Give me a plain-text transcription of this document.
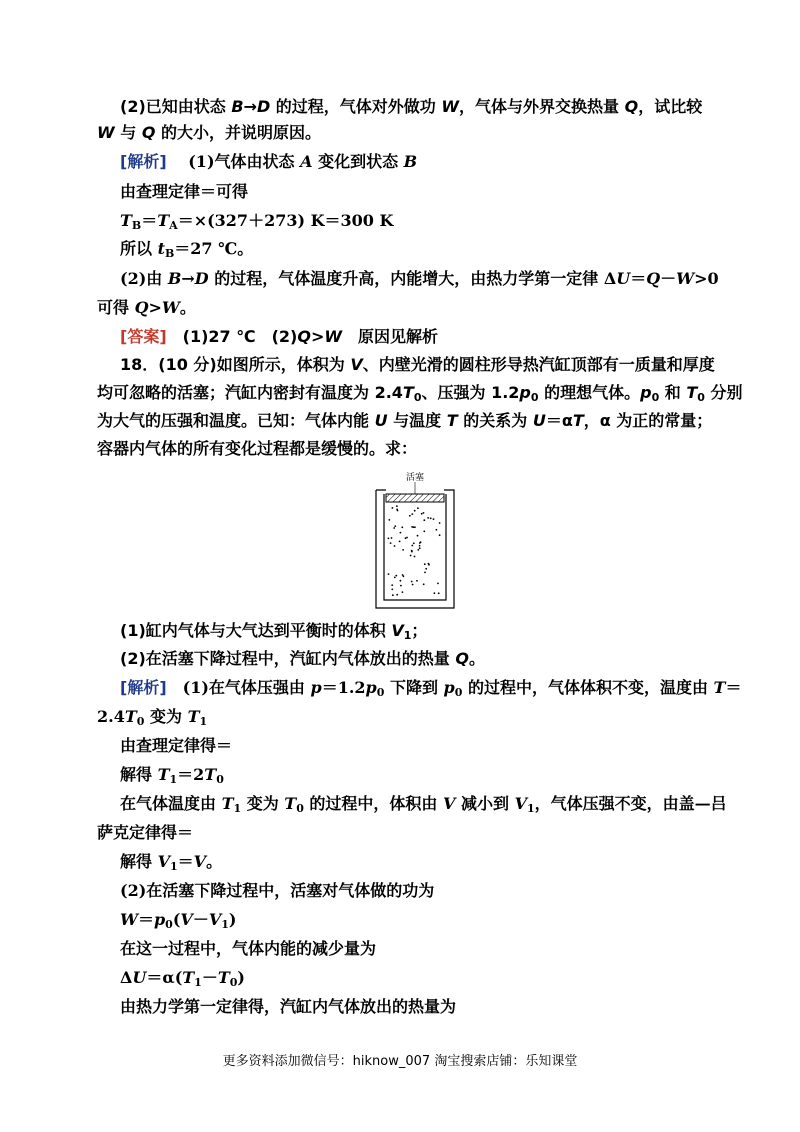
(2)已知由状态 B→D 的过程，气体对外做功 W，气体与外界交换热量 Q，试比较
W 与 Q 的大小，并说明原因。
[解析] 　 (1)气体由状态 A 变化到状态 B
由查理定律＝可得
$T_B=T_A=\times(327+273)$ K＝300 K
所以 $t_B=27$ ℃。
(2)由 B→D 的过程，气体温度升高，内能增大，由热力学第一定律 ΔU＝Q－W>0
可得 Q>W。
[答案]　(1)27 ℃　(2)Q>W　原因见解析
18．(10 分)如图所示，体积为 V、内壁光滑的圆柱形导热汽缸顶部有一质量和厚度
均可忽略的活塞；汽缸内密封有温度为 $2.4T_0$、压强为 $1.2p_0$ 的理想气体。$p_0$ 和 $T_0$ 分别
为大气的压强和温度。已知：气体内能 U 与温度 T 的关系为 U＝αT，α 为正的常量；
容器内气体的所有变化过程都是缓慢的。求：
活塞
(1)缸内气体与大气达到平衡时的体积 $V_1$；
(2)在活塞下降过程中，汽缸内气体放出的热量 Q。
[解析]　(1)在气体压强由 $p=1.2p_0$ 下降到 $p_0$ 的过程中，气体体积不变，温度由 T＝
$2.4T_0$ 变为 $T_1$
由查理定律得＝
解得 $T_1=2T_0$
在气体温度由 $T_1$ 变为 $T_0$ 的过程中，体积由 V 减小到 $V_1$，气体压强不变，由盖—吕
萨克定律得＝
解得 $V_1=V$。
(2)在活塞下降过程中，活塞对气体做的功为
$W=p_0(V-V_1)$
在这一过程中，气体内能的减少量为
$\Delta U=\alpha(T_1-T_0)$
由热力学第一定律得，汽缸内气体放出的热量为
更多资料添加微信号：hiknow_007 淘宝搜索店铺：乐知课堂
